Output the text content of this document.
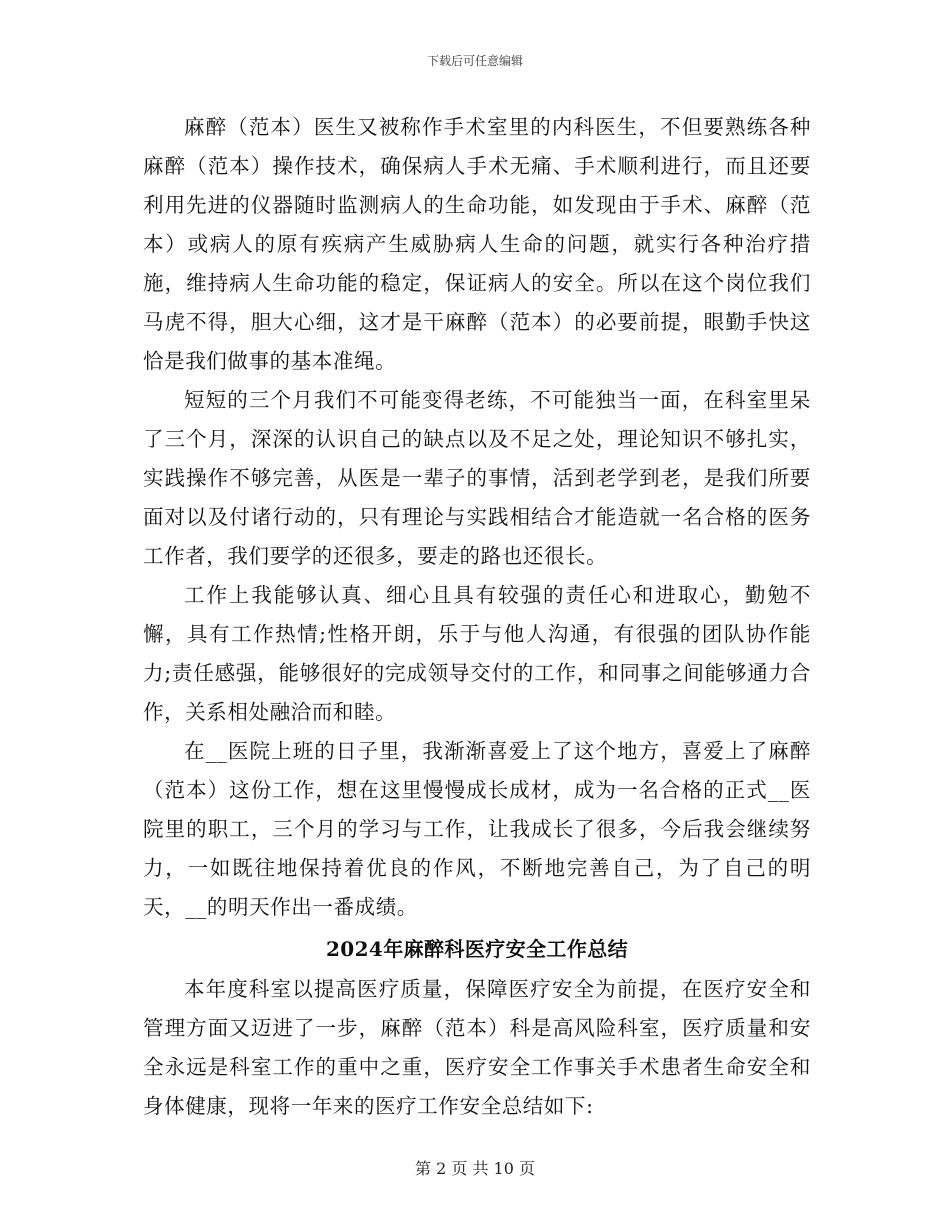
下载后可任意编辑

麻醉（范本）医生又被称作手术室里的内科医生，不但要熟练各种麻醉（范本）操作技术，确保病人手术无痛、手术顺利进行，而且还要利用先进的仪器随时监测病人的生命功能，如发现由于手术、麻醉（范本）或病人的原有疾病产生威胁病人生命的问题，就实行各种治疗措施，维持病人生命功能的稳定，保证病人的安全。所以在这个岗位我们马虎不得，胆大心细，这才是干麻醉（范本）的必要前提，眼勤手快这恰是我们做事的基本准绳。

短短的三个月我们不可能变得老练，不可能独当一面，在科室里呆了三个月，深深的认识自己的缺点以及不足之处，理论知识不够扎实，实践操作不够完善，从医是一辈子的事情，活到老学到老，是我们所要面对以及付诸行动的，只有理论与实践相结合才能造就一名合格的医务工作者，我们要学的还很多，要走的路也还很长。

工作上我能够认真、细心且具有较强的责任心和进取心，勤勉不懈，具有工作热情;性格开朗，乐于与他人沟通，有很强的团队协作能力;责任感强，能够很好的完成领导交付的工作，和同事之间能够通力合作，关系相处融洽而和睦。

在__医院上班的日子里，我渐渐喜爱上了这个地方，喜爱上了麻醉（范本）这份工作，想在这里慢慢成长成材，成为一名合格的正式__医院里的职工，三个月的学习与工作，让我成长了很多，今后我会继续努力，一如既往地保持着优良的作风，不断地完善自己，为了自己的明天，__的明天作出一番成绩。

2024年麻醉科医疗安全工作总结

本年度科室以提高医疗质量，保障医疗安全为前提，在医疗安全和管理方面又迈进了一步，麻醉（范本）科是高风险科室，医疗质量和安全永远是科室工作的重中之重，医疗安全工作事关手术患者生命安全和身体健康，现将一年来的医疗工作安全总结如下:

第 2 页 共 10 页
